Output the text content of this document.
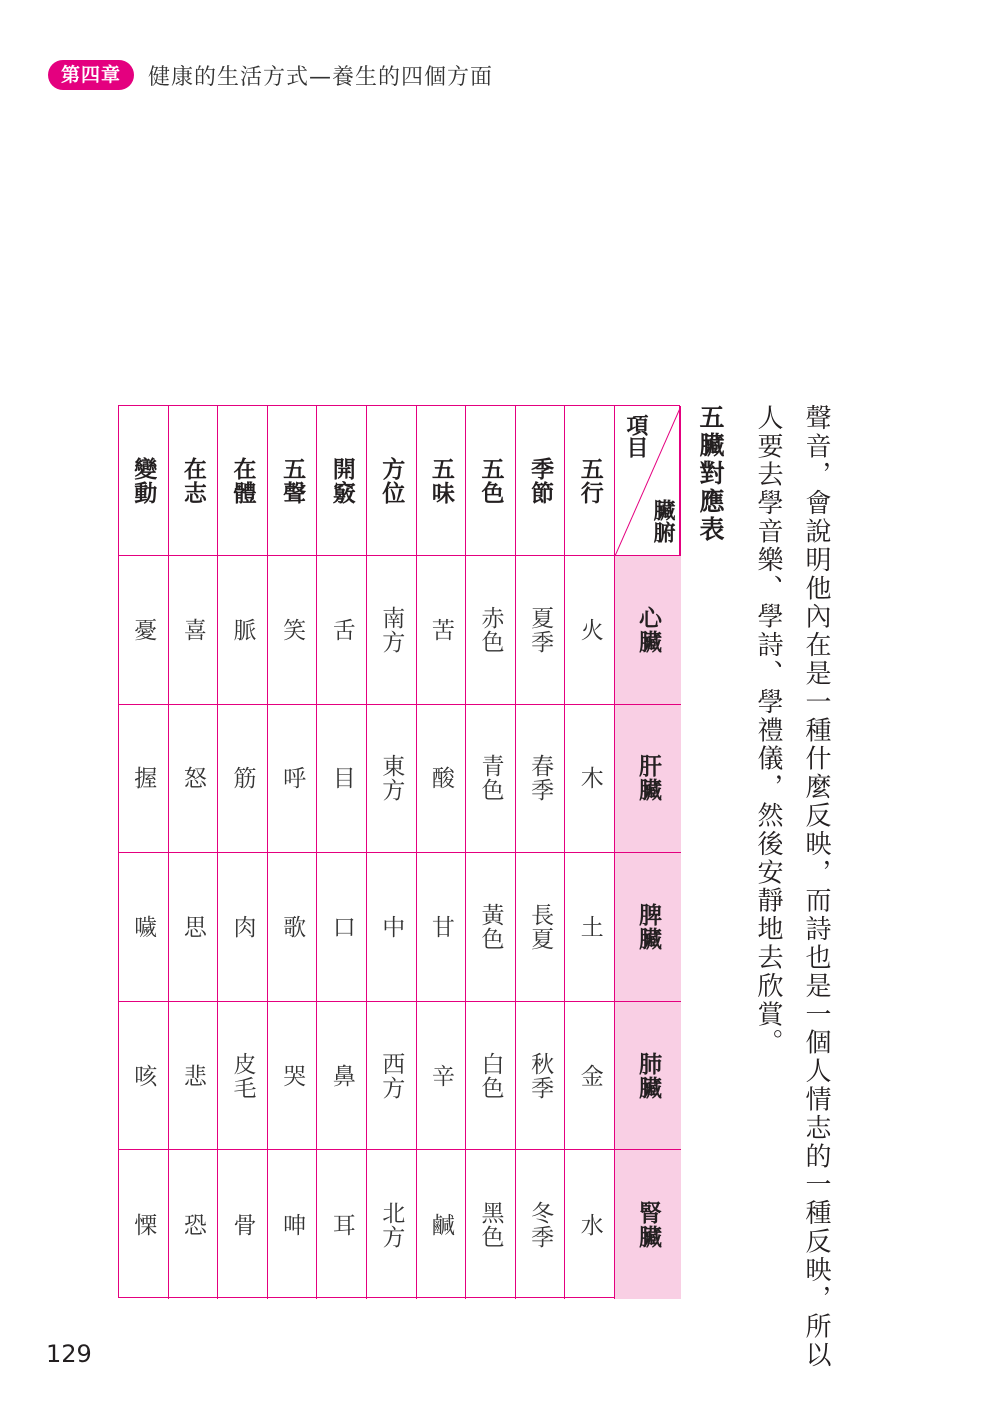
第四章	健康的生活方式—養生的四個方面
聲音，會說明他內在是一種什麼反映，而詩也是一個人情志的一種反映，所以
人要去學音樂、學詩、學禮儀，然後安靜地去欣賞。
五臟對應表
項目
臟腑
心臟
肝臟
脾臟
肺臟
腎臟
五行
火
木
土
金
水
季節
夏季
春季
長夏
秋季
冬季
五色
赤色
青色
黃色
白色
黑色
五味
苦
酸
甘
辛
鹹
方位
南方
東方
中
西方
北方
開竅
舌
目
口
鼻
耳
五聲
笑
呼
歌
哭
呻
在體
脈
筋
肉
皮毛
骨
在志
喜
怒
思
悲
恐
變動
憂
握
噦
咳
慄
129
